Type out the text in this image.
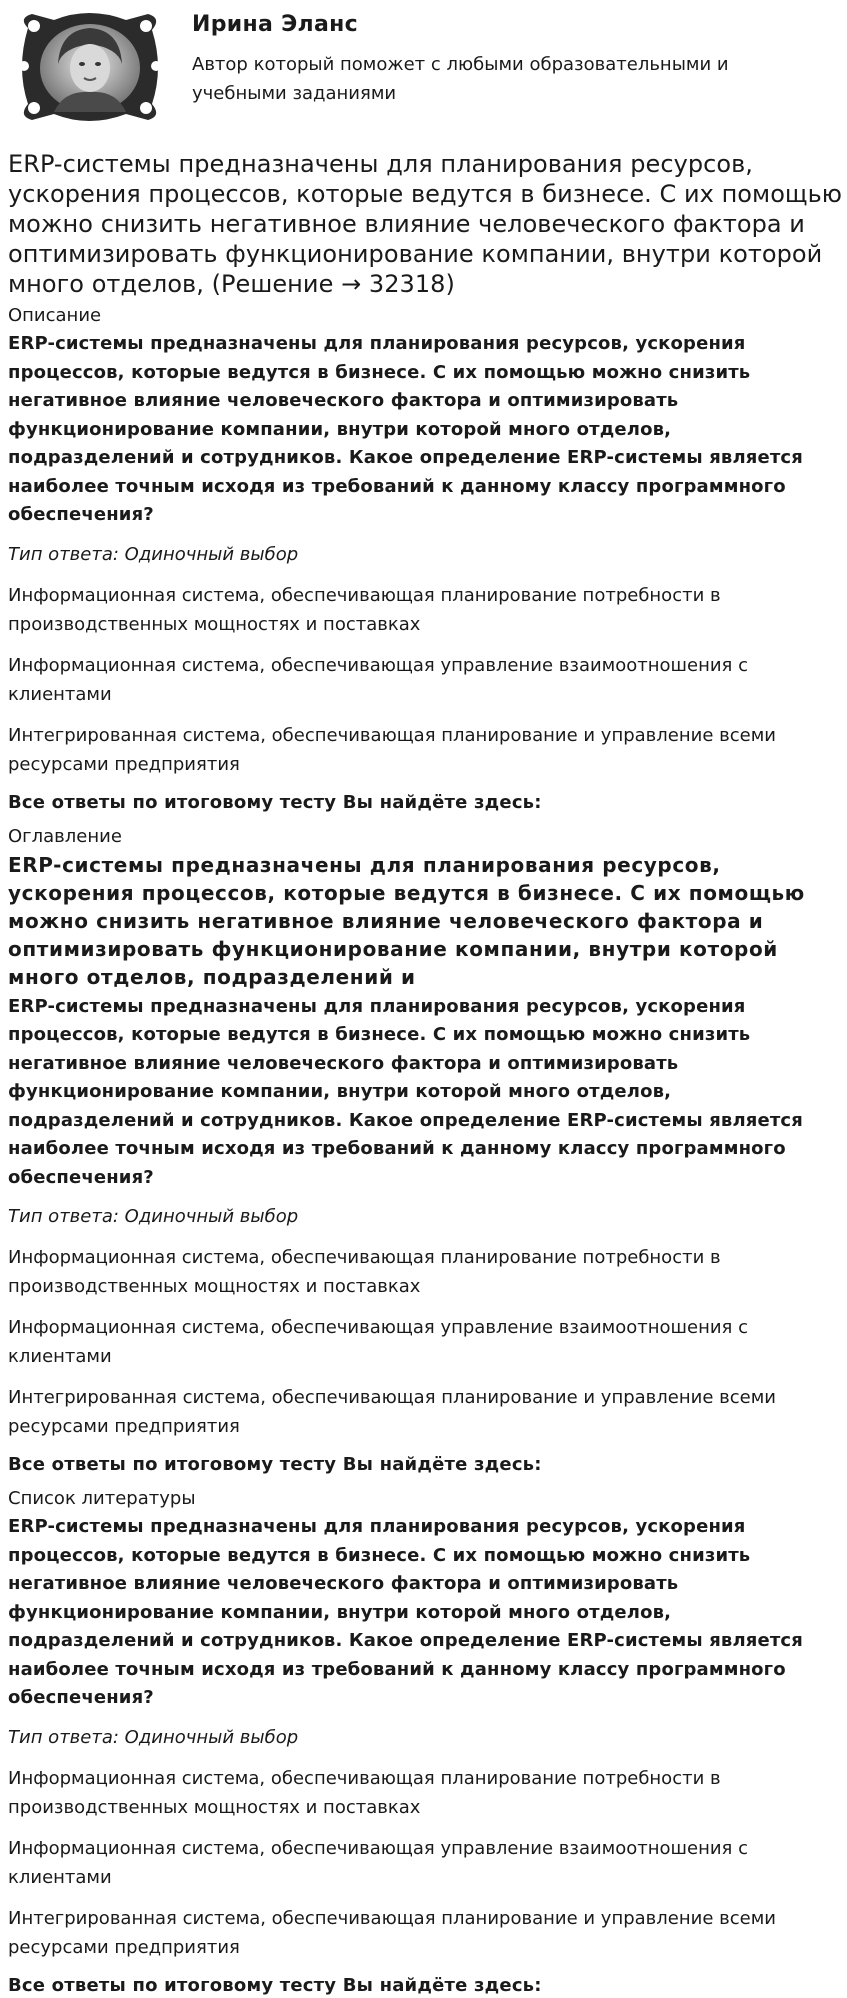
Ирина Эланс
Автор который поможет с любыми образовательными и учебными заданиями
ERP-системы предназначены для планирования ресурсов, ускорения процессов, которые ведутся в бизнесе. С их помощью можно снизить негативное влияние человеческого фактора и оптимизировать функционирование компании, внутри которой много отделов, (Решение → 32318)
Описание

ERP-системы предназначены для планирования ресурсов, ускорения процессов, которые ведутся в бизнесе. С их помощью можно снизить негативное влияние человеческого фактора и оптимизировать функционирование компании, внутри которой много отделов, подразделений и сотрудников. Какое определение ERP-системы является наиболее точным исходя из требований к данному классу программного обеспечения?

Тип ответа: Одиночный выбор
Информационная система, обеспечивающая планирование потребности в производственных мощностях и поставках
Информационная система, обеспечивающая управление взаимоотношения с клиентами
Интегрированная система, обеспечивающая планирование и управление всеми ресурсами предприятия
Все ответы по итоговому тесту Вы найдёте здесь:
Оглавление
ERP-системы предназначены для планирования ресурсов, ускорения процессов, которые ведутся в бизнесе. С их помощью можно снизить негативное влияние человеческого фактора и оптимизировать функционирование компании, внутри которой много отделов, подразделений и

ERP-системы предназначены для планирования ресурсов, ускорения процессов, которые ведутся в бизнесе. С их помощью можно снизить негативное влияние человеческого фактора и оптимизировать функционирование компании, внутри которой много отделов, подразделений и сотрудников. Какое определение ERP-системы является наиболее точным исходя из требований к данному классу программного обеспечения?

Тип ответа: Одиночный выбор
Информационная система, обеспечивающая планирование потребности в производственных мощностях и поставках
Информационная система, обеспечивающая управление взаимоотношения с клиентами
Интегрированная система, обеспечивающая планирование и управление всеми ресурсами предприятия
Все ответы по итоговому тесту Вы найдёте здесь:
Список литературы

ERP-системы предназначены для планирования ресурсов, ускорения процессов, которые ведутся в бизнесе. С их помощью можно снизить негативное влияние человеческого фактора и оптимизировать функционирование компании, внутри которой много отделов, подразделений и сотрудников. Какое определение ERP-системы является наиболее точным исходя из требований к данному классу программного обеспечения?

Тип ответа: Одиночный выбор
Информационная система, обеспечивающая планирование потребности в производственных мощностях и поставках
Информационная система, обеспечивающая управление взаимоотношения с клиентами
Интегрированная система, обеспечивающая планирование и управление всеми ресурсами предприятия
Все ответы по итоговому тесту Вы найдёте здесь:
